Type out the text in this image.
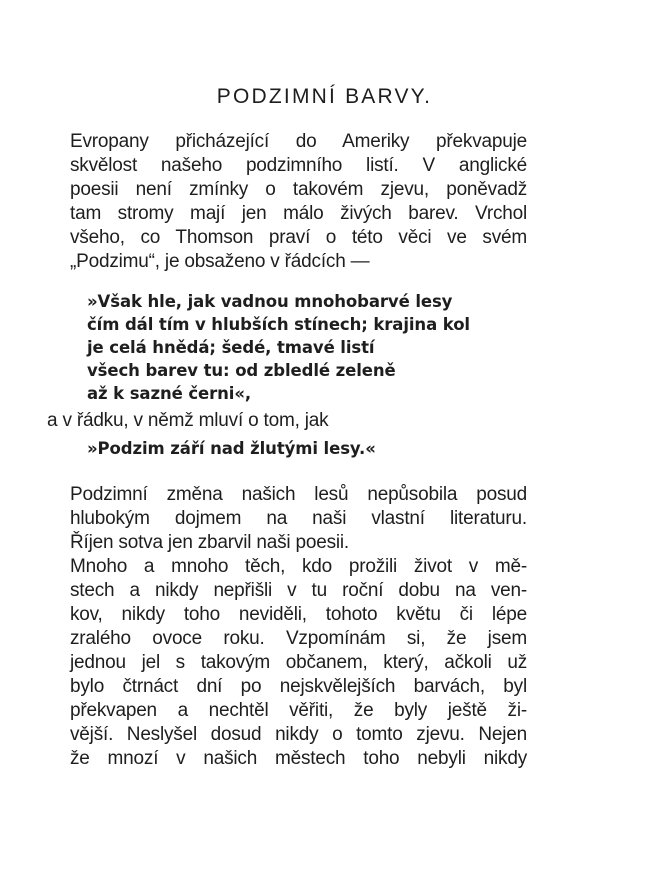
PODZIMNÍ BARVY.
Evropany přicházející do Ameriky překvapuje
skvělost našeho podzimního listí. V anglické
poesii není zmínky o takovém zjevu, poněvadž
tam stromy mají jen málo živých barev. Vrchol
všeho, co Thomson praví o této věci ve svém
„Podzimu“, je obsaženo v řádcích —
»Však hle, jak vadnou mnohobarvé lesy
čím dál tím v hlubších stínech; krajina kol
je celá hnědá; šedé, tmavé listí
všech barev tu: od zbledlé zeleně
až k sazné černi«,
a v řádku, v němž mluví o tom, jak
»Podzim září nad žlutými lesy.«
Podzimní změna našich lesů nepůsobila posud
hlubokým dojmem na naši vlastní literaturu.
Říjen sotva jen zbarvil naši poesii.
Mnoho a mnoho těch, kdo prožili život v mě-
stech a nikdy nepřišli v tu roční dobu na ven-
kov, nikdy toho neviděli, tohoto květu či lépe
zralého ovoce roku. Vzpomínám si, že jsem
jednou jel s takovým občanem, který, ačkoli už
bylo čtrnáct dní po nejskvělejších barvách, byl
překvapen a nechtěl věřiti, že byly ještě ži-
vější. Neslyšel dosud nikdy o tomto zjevu. Nejen
že mnozí v našich městech toho nebyli nikdy
